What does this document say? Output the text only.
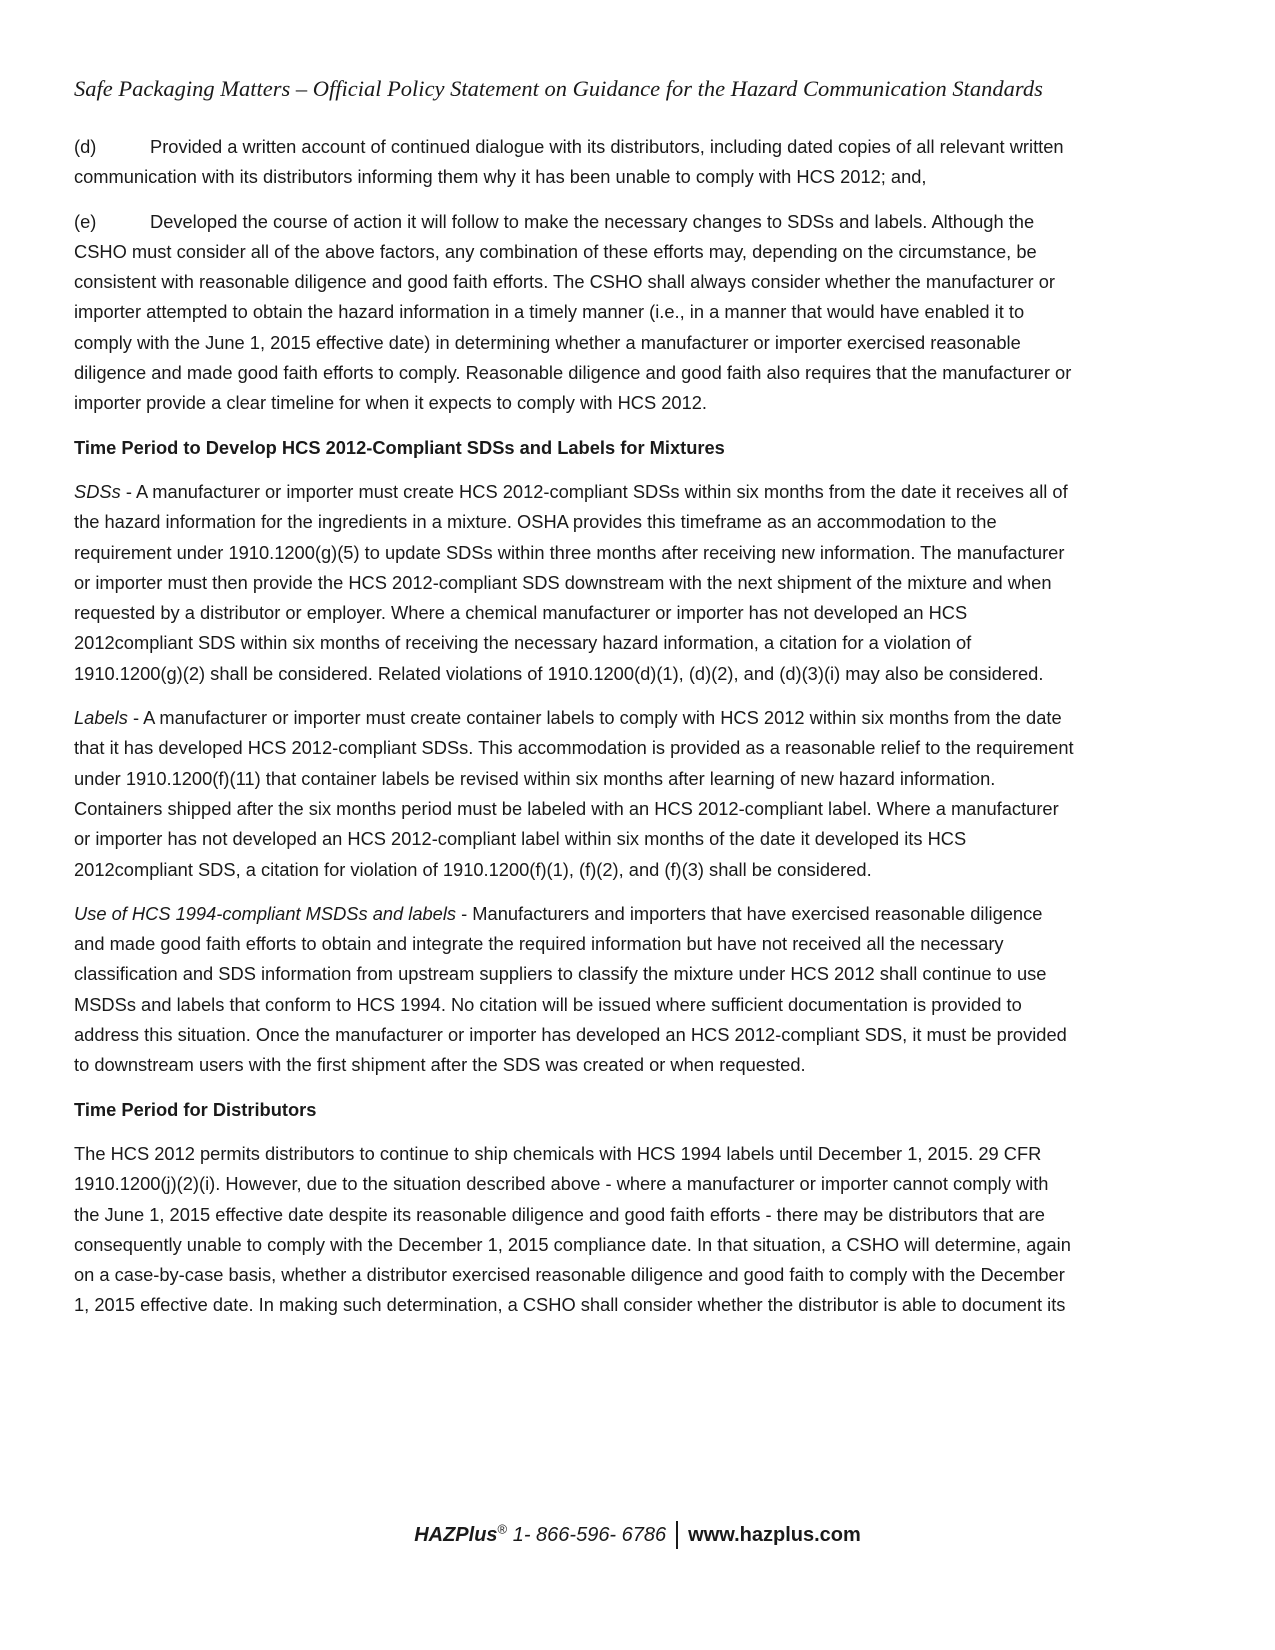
Safe Packaging Matters – Official Policy Statement on Guidance for the Hazard Communication Standards

(d)	Provided a written account of continued dialogue with its distributors, including dated copies of all relevant written communication with its distributors informing them why it has been unable to comply with HCS 2012; and,

(e)	Developed the course of action it will follow to make the necessary changes to SDSs and labels. Although the CSHO must consider all of the above factors, any combination of these efforts may, depending on the circumstance, be consistent with reasonable diligence and good faith efforts. The CSHO shall always consider whether the manufacturer or importer attempted to obtain the hazard information in a timely manner (i.e., in a manner that would have enabled it to comply with the June 1, 2015 effective date) in determining whether a manufacturer or importer exercised reasonable diligence and made good faith efforts to comply. Reasonable diligence and good faith also requires that the manufacturer or importer provide a clear timeline for when it expects to comply with HCS 2012.

Time Period to Develop HCS 2012-Compliant SDSs and Labels for Mixtures

SDSs - A manufacturer or importer must create HCS 2012-compliant SDSs within six months from the date it receives all of the hazard information for the ingredients in a mixture. OSHA provides this timeframe as an accommodation to the requirement under 1910.1200(g)(5) to update SDSs within three months after receiving new information. The manufacturer or importer must then provide the HCS 2012-compliant SDS downstream with the next shipment of the mixture and when requested by a distributor or employer. Where a chemical manufacturer or importer has not developed an HCS 2012compliant SDS within six months of receiving the necessary hazard information, a citation for a violation of 1910.1200(g)(2) shall be considered. Related violations of 1910.1200(d)(1), (d)(2), and (d)(3)(i) may also be considered.

Labels - A manufacturer or importer must create container labels to comply with HCS 2012 within six months from the date that it has developed HCS 2012-compliant SDSs. This accommodation is provided as a reasonable relief to the requirement under 1910.1200(f)(11) that container labels be revised within six months after learning of new hazard information. Containers shipped after the six months period must be labeled with an HCS 2012-compliant label. Where a manufacturer or importer has not developed an HCS 2012-compliant label within six months of the date it developed its HCS 2012compliant SDS, a citation for violation of 1910.1200(f)(1), (f)(2), and (f)(3) shall be considered.

Use of HCS 1994-compliant MSDSs and labels - Manufacturers and importers that have exercised reasonable diligence and made good faith efforts to obtain and integrate the required information but have not received all the necessary classification and SDS information from upstream suppliers to classify the mixture under HCS 2012 shall continue to use MSDSs and labels that conform to HCS 1994. No citation will be issued where sufficient documentation is provided to address this situation. Once the manufacturer or importer has developed an HCS 2012-compliant SDS, it must be provided to downstream users with the first shipment after the SDS was created or when requested.

Time Period for Distributors

The HCS 2012 permits distributors to continue to ship chemicals with HCS 1994 labels until December 1, 2015. 29 CFR 1910.1200(j)(2)(i). However, due to the situation described above - where a manufacturer or importer cannot comply with the June 1, 2015 effective date despite its reasonable diligence and good faith efforts - there may be distributors that are consequently unable to comply with the December 1, 2015 compliance date. In that situation, a CSHO will determine, again on a case-by-case basis, whether a distributor exercised reasonable diligence and good faith to comply with the December 1, 2015 effective date. In making such determination, a CSHO shall consider whether the distributor is able to document its

HAZPlus® 1- 866-596- 6786 www.hazplus.com
